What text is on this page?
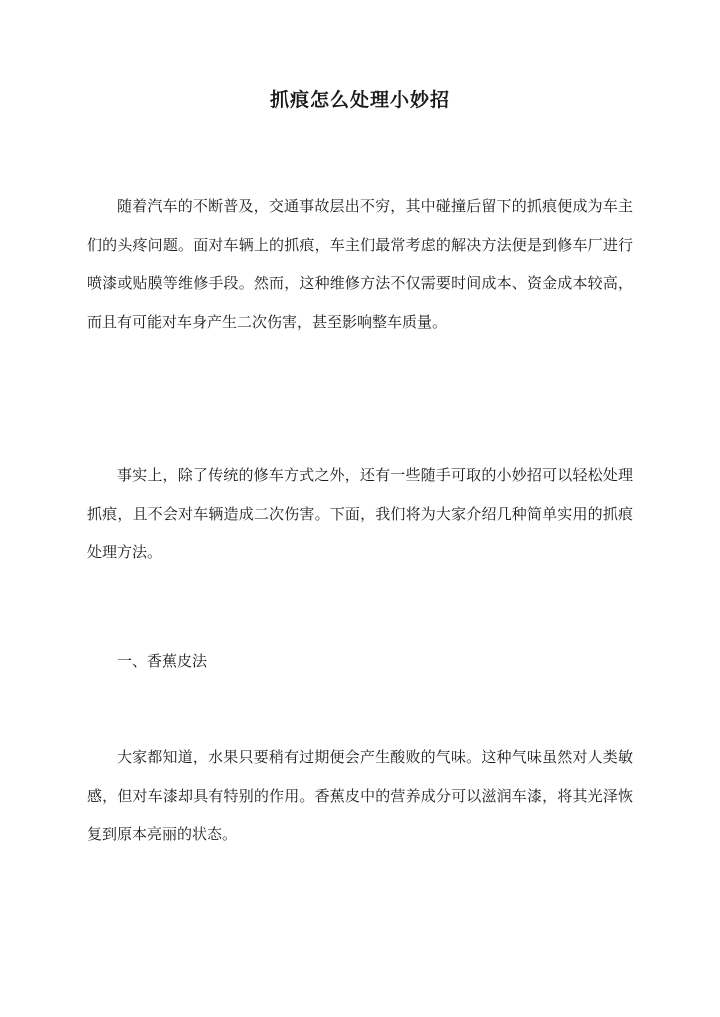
抓痕怎么处理小妙招

随着汽车的不断普及，交通事故层出不穷，其中碰撞后留下的抓痕便成为车主们的头疼问题。面对车辆上的抓痕，车主们最常考虑的解决方法便是到修车厂进行喷漆或贴膜等维修手段。然而，这种维修方法不仅需要时间成本、资金成本较高，而且有可能对车身产生二次伤害，甚至影响整车质量。

事实上，除了传统的修车方式之外，还有一些随手可取的小妙招可以轻松处理抓痕，且不会对车辆造成二次伤害。下面，我们将为大家介绍几种简单实用的抓痕处理方法。

一、香蕉皮法

大家都知道，水果只要稍有过期便会产生酸败的气味。这种气味虽然对人类敏感，但对车漆却具有特别的作用。香蕉皮中的营养成分可以滋润车漆，将其光泽恢复到原本亮丽的状态。
